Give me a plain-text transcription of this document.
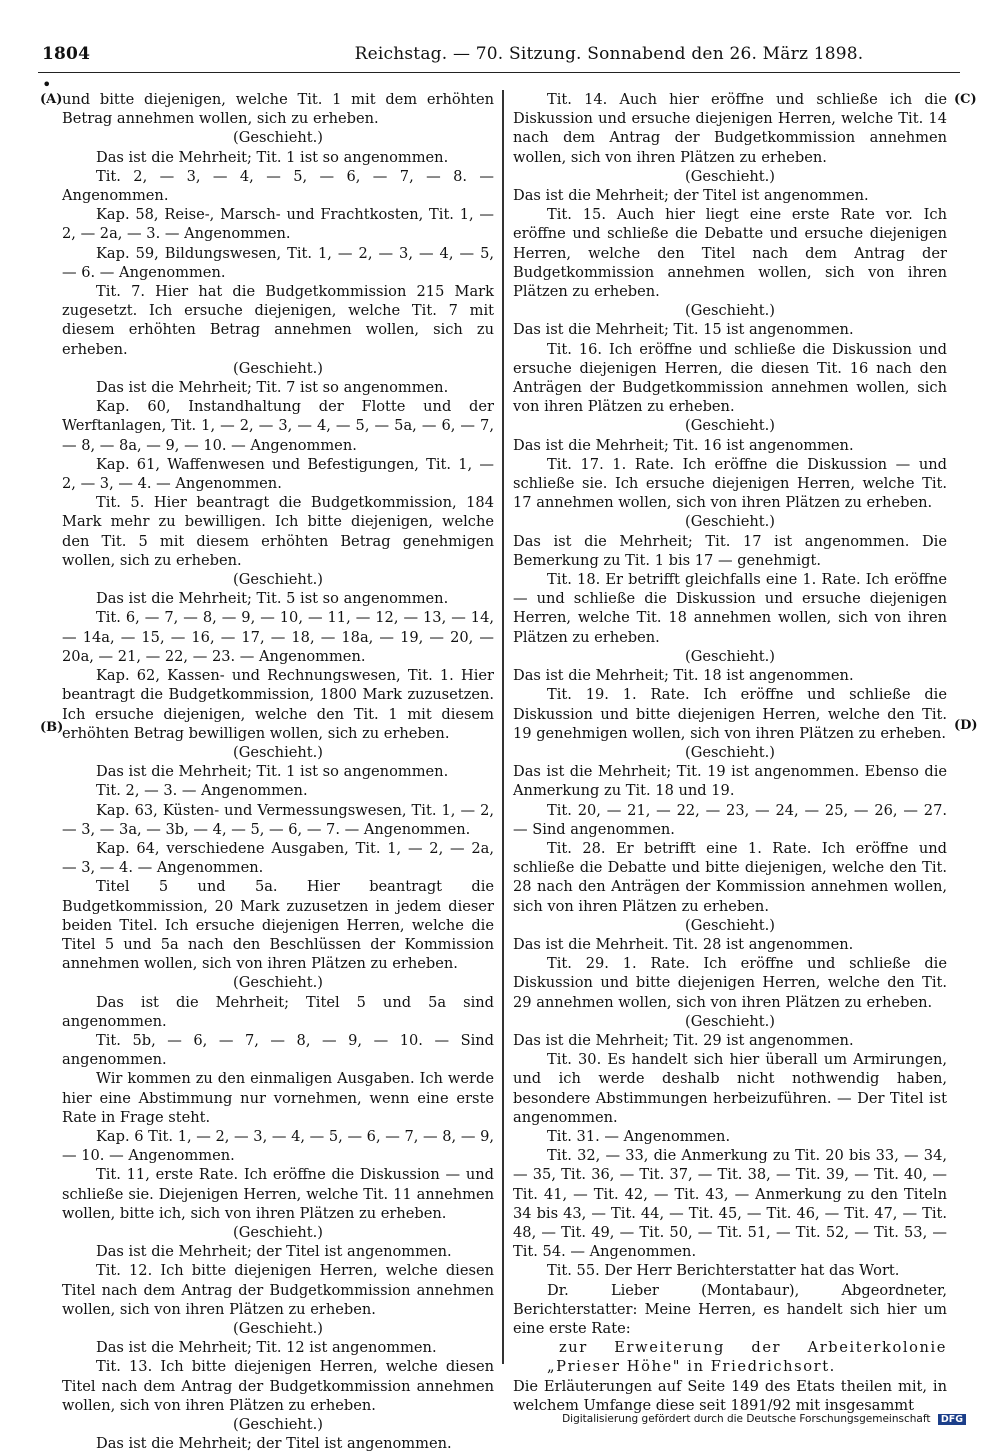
1804	Reichstag. — 70. Sitzung. Sonnabend den 26. März 1898.
•
(A)
(B)
(C)
(D)

und bitte diejenigen, welche Tit. 1 mit dem erhöhten Betrag annehmen wollen, sich zu erheben.

(Geschieht.)

Das ist die Mehrheit; Tit. 1 ist so angenommen.

Tit. 2, — 3, — 4, — 5, — 6, — 7, — 8. — Angenommen.

Kap. 58, Reise-, Marsch- und Frachtkosten, Tit. 1, — 2, — 2a, — 3. — Angenommen.

Kap. 59, Bildungswesen, Tit. 1, — 2, — 3, — 4, — 5, — 6. — Angenommen.

Tit. 7. Hier hat die Budgetkommission 215 Mark zugesetzt. Ich ersuche diejenigen, welche Tit. 7 mit diesem erhöhten Betrag annehmen wollen, sich zu erheben.

(Geschieht.)

Das ist die Mehrheit; Tit. 7 ist so angenommen.

Kap. 60, Instandhaltung der Flotte und der Werftanlagen, Tit. 1, — 2, — 3, — 4, — 5, — 5a, — 6, — 7, — 8, — 8a, — 9, — 10. — Angenommen.

Kap. 61, Waffenwesen und Befestigungen, Tit. 1, — 2, — 3, — 4. — Angenommen.

Tit. 5. Hier beantragt die Budgetkommission, 184 Mark mehr zu bewilligen. Ich bitte diejenigen, welche den Tit. 5 mit diesem erhöhten Betrag genehmigen wollen, sich zu erheben.

(Geschieht.)

Das ist die Mehrheit; Tit. 5 ist so angenommen.

Tit. 6, — 7, — 8, — 9, — 10, — 11, — 12, — 13, — 14, — 14a, — 15, — 16, — 17, — 18, — 18a, — 19, — 20, — 20a, — 21, — 22, — 23. — Angenommen.

Kap. 62, Kassen- und Rechnungswesen, Tit. 1. Hier beantragt die Budgetkommission, 1800 Mark zuzusetzen. Ich ersuche diejenigen, welche den Tit. 1 mit diesem erhöhten Betrag bewilligen wollen, sich zu erheben.

(Geschieht.)

Das ist die Mehrheit; Tit. 1 ist so angenommen.

Tit. 2, — 3. — Angenommen.

Kap. 63, Küsten- und Vermessungswesen, Tit. 1, — 2, — 3, — 3a, — 3b, — 4, — 5, — 6, — 7. — Angenommen.

Kap. 64, verschiedene Ausgaben, Tit. 1, — 2, — 2a, — 3, — 4. — Angenommen.

Titel 5 und 5a. Hier beantragt die Budgetkommission, 20 Mark zuzusetzen in jedem dieser beiden Titel. Ich ersuche diejenigen Herren, welche die Titel 5 und 5a nach den Beschlüssen der Kommission annehmen wollen, sich von ihren Plätzen zu erheben.

(Geschieht.)

Das ist die Mehrheit; Titel 5 und 5a sind angenommen.

Tit. 5b, — 6, — 7, — 8, — 9, — 10. — Sind angenommen.

Wir kommen zu den einmaligen Ausgaben. Ich werde hier eine Abstimmung nur vornehmen, wenn eine erste Rate in Frage steht.

Kap. 6 Tit. 1, — 2, — 3, — 4, — 5, — 6, — 7, — 8, — 9, — 10. — Angenommen.

Tit. 11, erste Rate. Ich eröffne die Diskussion — und schließe sie. Diejenigen Herren, welche Tit. 11 annehmen wollen, bitte ich, sich von ihren Plätzen zu erheben.

(Geschieht.)

Das ist die Mehrheit; der Titel ist angenommen.

Tit. 12. Ich bitte diejenigen Herren, welche diesen Titel nach dem Antrag der Budgetkommission annehmen wollen, sich von ihren Plätzen zu erheben.

(Geschieht.)

Das ist die Mehrheit; Tit. 12 ist angenommen.

Tit. 13. Ich bitte diejenigen Herren, welche diesen Titel nach dem Antrag der Budgetkommission annehmen wollen, sich von ihren Plätzen zu erheben.

(Geschieht.)

Das ist die Mehrheit; der Titel ist angenommen.

Tit. 14. Auch hier eröffne und schließe ich die Diskussion und ersuche diejenigen Herren, welche Tit. 14 nach dem Antrag der Budgetkommission annehmen wollen, sich von ihren Plätzen zu erheben.

(Geschieht.)

Das ist die Mehrheit; der Titel ist angenommen.

Tit. 15. Auch hier liegt eine erste Rate vor. Ich eröffne und schließe die Debatte und ersuche diejenigen Herren, welche den Titel nach dem Antrag der Budgetkommission annehmen wollen, sich von ihren Plätzen zu erheben.

(Geschieht.)

Das ist die Mehrheit; Tit. 15 ist angenommen.

Tit. 16. Ich eröffne und schließe die Diskussion und ersuche diejenigen Herren, die diesen Tit. 16 nach den Anträgen der Budgetkommission annehmen wollen, sich von ihren Plätzen zu erheben.

(Geschieht.)

Das ist die Mehrheit; Tit. 16 ist angenommen.

Tit. 17. 1. Rate. Ich eröffne die Diskussion — und schließe sie. Ich ersuche diejenigen Herren, welche Tit. 17 annehmen wollen, sich von ihren Plätzen zu erheben.

(Geschieht.)

Das ist die Mehrheit; Tit. 17 ist angenommen. Die Bemerkung zu Tit. 1 bis 17 — genehmigt.

Tit. 18. Er betrifft gleichfalls eine 1. Rate. Ich eröffne — und schließe die Diskussion und ersuche diejenigen Herren, welche Tit. 18 annehmen wollen, sich von ihren Plätzen zu erheben.

(Geschieht.)

Das ist die Mehrheit; Tit. 18 ist angenommen.

Tit. 19. 1. Rate. Ich eröffne und schließe die Diskussion und bitte diejenigen Herren, welche den Tit. 19 genehmigen wollen, sich von ihren Plätzen zu erheben.

(Geschieht.)

Das ist die Mehrheit; Tit. 19 ist angenommen. Ebenso die Anmerkung zu Tit. 18 und 19.

Tit. 20, — 21, — 22, — 23, — 24, — 25, — 26, — 27. — Sind angenommen.

Tit. 28. Er betrifft eine 1. Rate. Ich eröffne und schließe die Debatte und bitte diejenigen, welche den Tit. 28 nach den Anträgen der Kommission annehmen wollen, sich von ihren Plätzen zu erheben.

(Geschieht.)

Das ist die Mehrheit. Tit. 28 ist angenommen.

Tit. 29. 1. Rate. Ich eröffne und schließe die Diskussion und bitte diejenigen Herren, welche den Tit. 29 annehmen wollen, sich von ihren Plätzen zu erheben.

(Geschieht.)

Das ist die Mehrheit; Tit. 29 ist angenommen.

Tit. 30. Es handelt sich hier überall um Armirungen, und ich werde deshalb nicht nothwendig haben, besondere Abstimmungen herbeizuführen. — Der Titel ist angenommen.

Tit. 31. — Angenommen.

Tit. 32, — 33, die Anmerkung zu Tit. 20 bis 33, — 34, — 35, Tit. 36, — Tit. 37, — Tit. 38, — Tit. 39, — Tit. 40, — Tit. 41, — Tit. 42, — Tit. 43, — Anmerkung zu den Titeln 34 bis 43, — Tit. 44, — Tit. 45, — Tit. 46, — Tit. 47, — Tit. 48, — Tit. 49, — Tit. 50, — Tit. 51, — Tit. 52, — Tit. 53, — Tit. 54. — Angenommen.

Tit. 55. Der Herr Berichterstatter hat das Wort.

Dr. Lieber (Montabaur), Abgeordneter, Berichterstatter: Meine Herren, es handelt sich hier um eine erste Rate:

zur Erweiterung der Arbeiterkolonie „Prieser Höhe" in Friedrichsort.

Die Erläuterungen auf Seite 149 des Etats theilen mit, in welchem Umfange diese seit 1891/92 mit insgesammt

Digitalisierung gefördert durch die Deutsche Forschungsgemeinschaft DFG
